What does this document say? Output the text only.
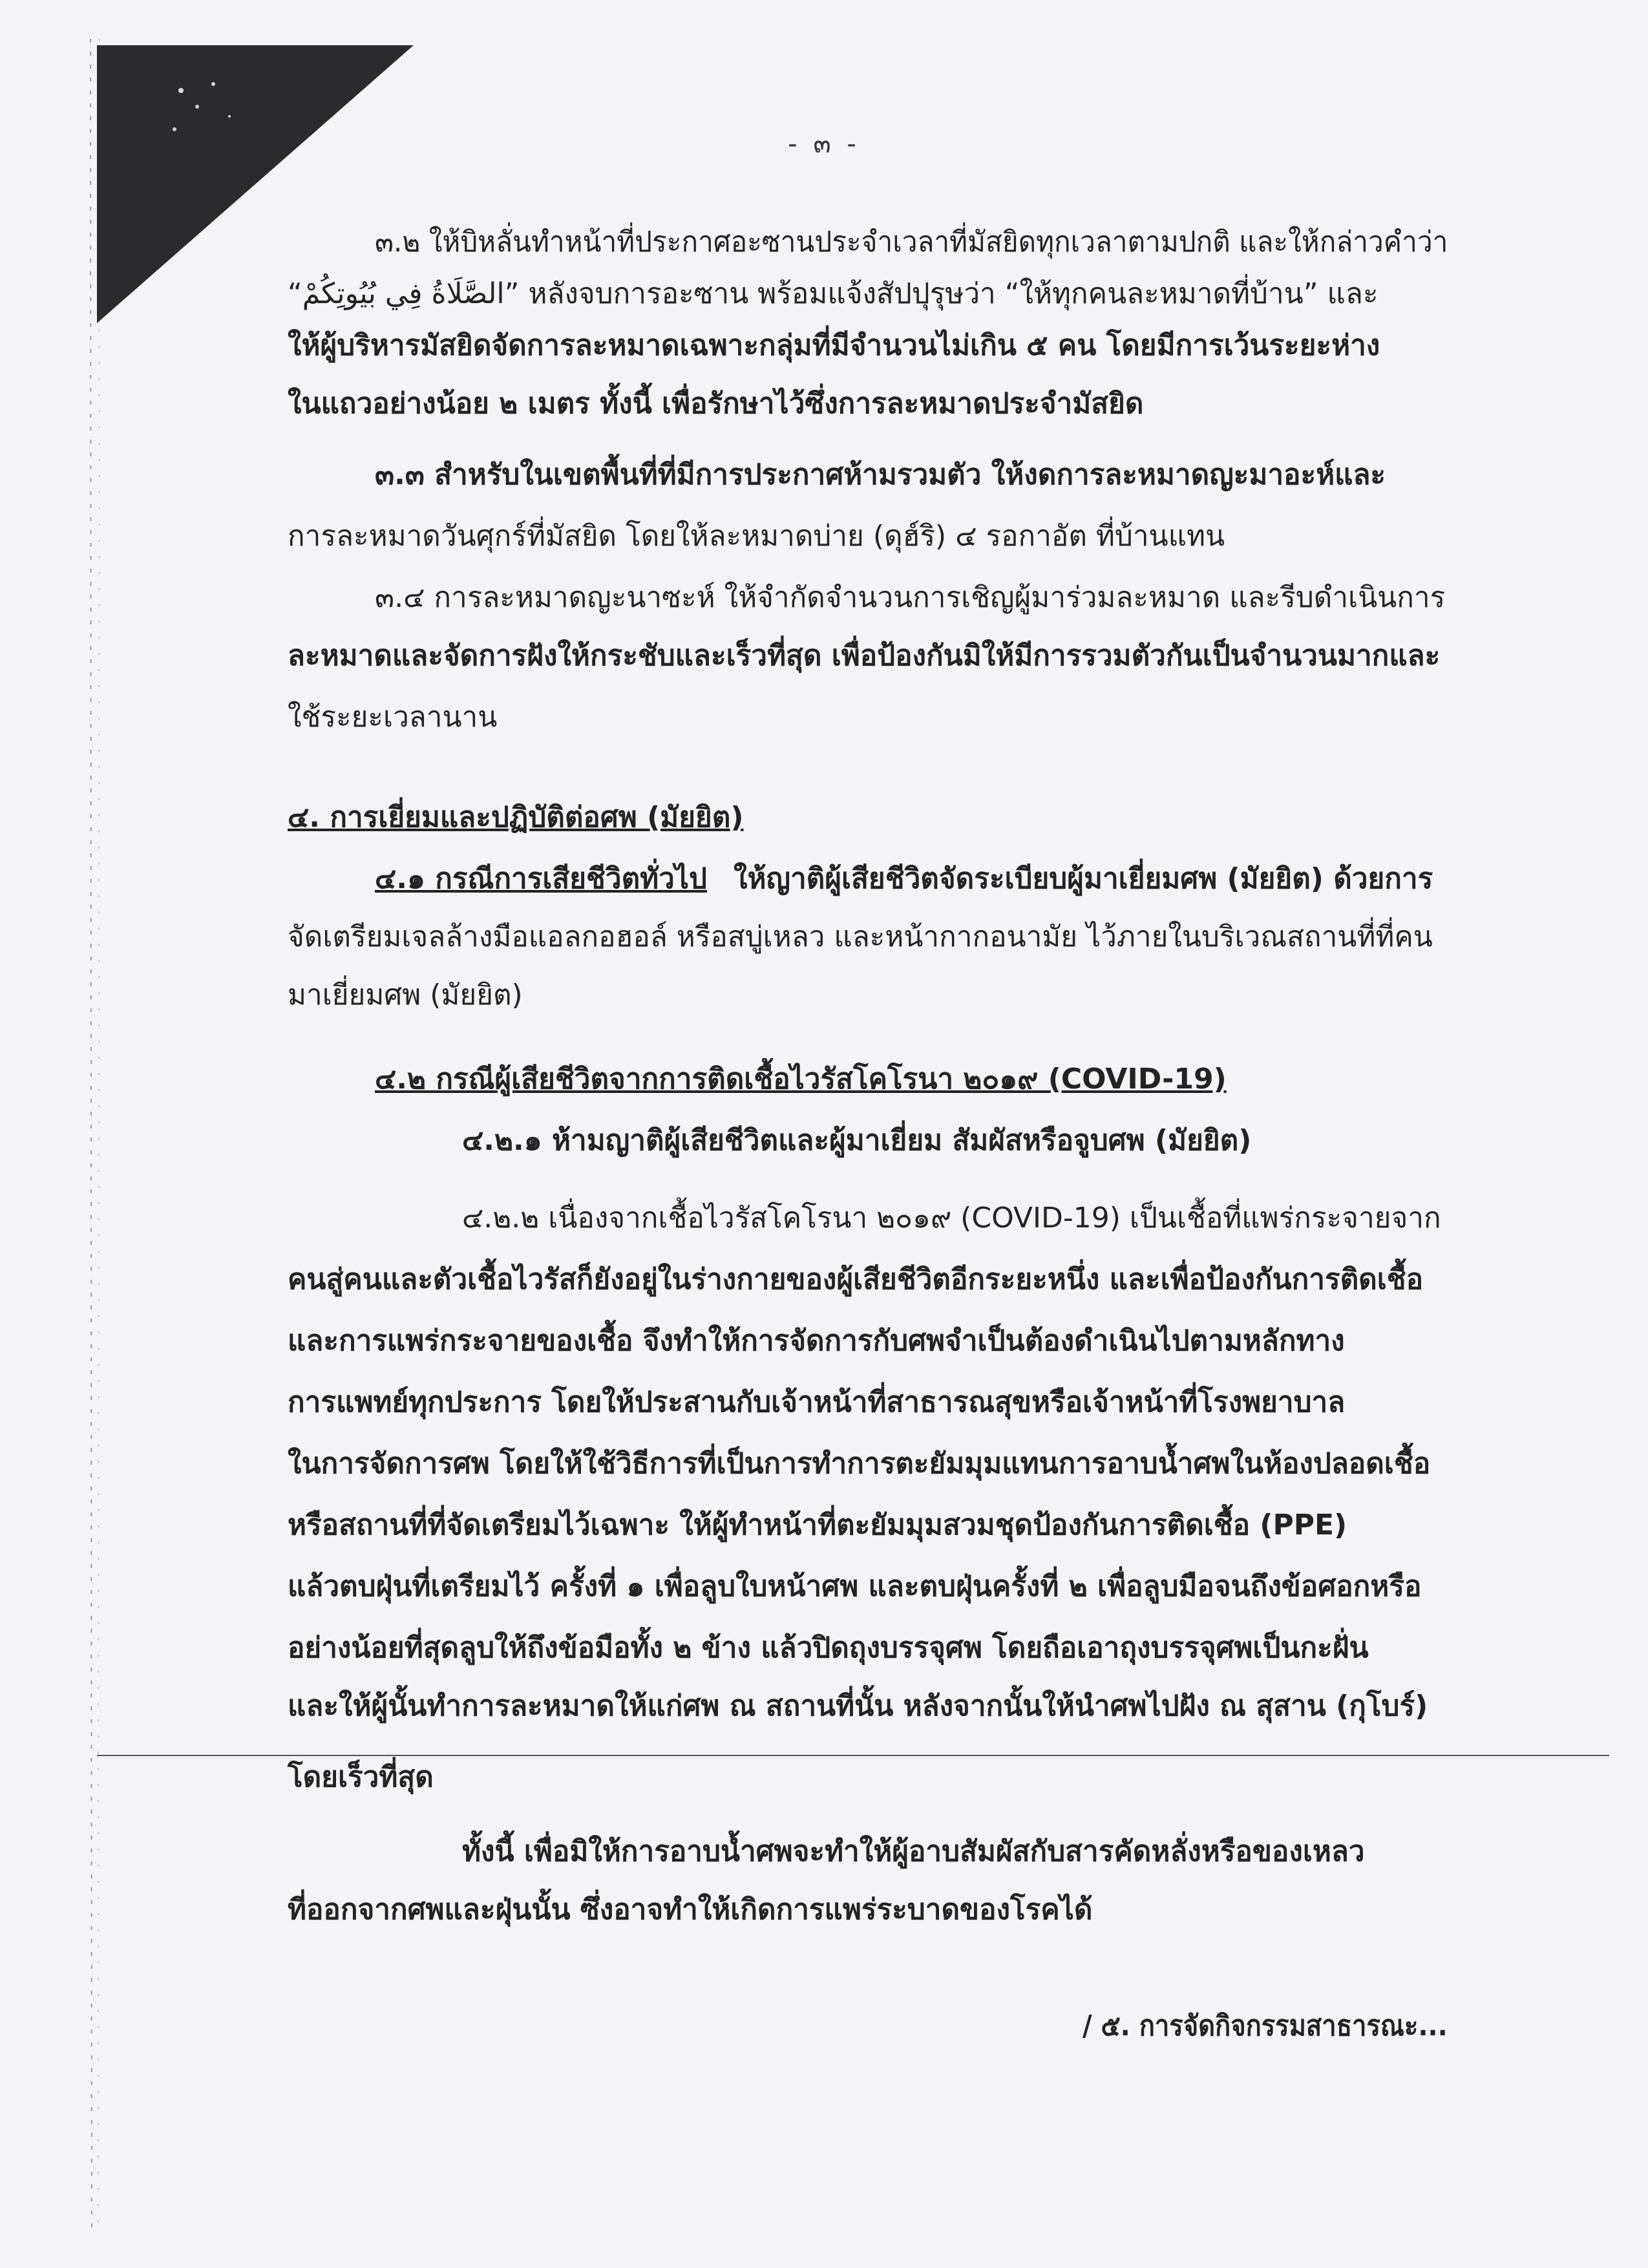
- ๓ -
๓.๒ ให้บิหลั่นทำหน้าที่ประกาศอะซานประจำเวลาที่มัสยิดทุกเวลาตามปกติ และให้กล่าวคำว่า
“الصَّلَاةُ فِي بُيُوتِكُمْ” หลังจบการอะซาน พร้อมแจ้งสัปปุรุษว่า “ให้ทุกคนละหมาดที่บ้าน” และ
ให้ผู้บริหารมัสยิดจัดการละหมาดเฉพาะกลุ่มที่มีจำนวนไม่เกิน ๕ คน โดยมีการเว้นระยะห่าง
ในแถวอย่างน้อย ๒ เมตร ทั้งนี้ เพื่อรักษาไว้ซึ่งการละหมาดประจำมัสยิด
๓.๓ สำหรับในเขตพื้นที่ที่มีการประกาศห้ามรวมตัว ให้งดการละหมาดญะมาอะห์และ
การละหมาดวันศุกร์ที่มัสยิด โดยให้ละหมาดบ่าย (ดุฮ์ริ) ๔ รอกาอัต ที่บ้านแทน
๓.๔ การละหมาดญะนาซะห์ ให้จำกัดจำนวนการเชิญผู้มาร่วมละหมาด และรีบดำเนินการ
ละหมาดและจัดการฝังให้กระชับและเร็วที่สุด เพื่อป้องกันมิให้มีการรวมตัวกันเป็นจำนวนมากและ
ใช้ระยะเวลานาน
๔. การเยี่ยมและปฏิบัติต่อศพ (มัยยิต)
๔.๑ กรณีการเสียชีวิตทั่วไป ให้ญาติผู้เสียชีวิตจัดระเบียบผู้มาเยี่ยมศพ (มัยยิต) ด้วยการ
จัดเตรียมเจลล้างมือแอลกอฮอล์ หรือสบู่เหลว และหน้ากากอนามัย ไว้ภายในบริเวณสถานที่ที่คน
มาเยี่ยมศพ (มัยยิต)
๔.๒ กรณีผู้เสียชีวิตจากการติดเชื้อไวรัสโคโรนา ๒๐๑๙ (COVID-19)
๔.๒.๑ ห้ามญาติผู้เสียชีวิตและผู้มาเยี่ยม สัมผัสหรือจูบศพ (มัยยิต)
๔.๒.๒ เนื่องจากเชื้อไวรัสโคโรนา ๒๐๑๙ (COVID-19) เป็นเชื้อที่แพร่กระจายจาก
คนสู่คนและตัวเชื้อไวรัสก็ยังอยู่ในร่างกายของผู้เสียชีวิตอีกระยะหนึ่ง และเพื่อป้องกันการติดเชื้อ
และการแพร่กระจายของเชื้อ จึงทำให้การจัดการกับศพจำเป็นต้องดำเนินไปตามหลักทาง
การแพทย์ทุกประการ โดยให้ประสานกับเจ้าหน้าที่สาธารณสุขหรือเจ้าหน้าที่โรงพยาบาล
ในการจัดการศพ โดยให้ใช้วิธีการที่เป็นการทำการตะยัมมุมแทนการอาบน้ำศพในห้องปลอดเชื้อ
หรือสถานที่ที่จัดเตรียมไว้เฉพาะ ให้ผู้ทำหน้าที่ตะยัมมุมสวมชุดป้องกันการติดเชื้อ (PPE)
แล้วตบฝุ่นที่เตรียมไว้ ครั้งที่ ๑ เพื่อลูบใบหน้าศพ และตบฝุ่นครั้งที่ ๒ เพื่อลูบมือจนถึงข้อศอกหรือ
อย่างน้อยที่สุดลูบให้ถึงข้อมือทั้ง ๒ ข้าง แล้วปิดถุงบรรจุศพ โดยถือเอาถุงบรรจุศพเป็นกะฝั่น
และให้ผู้นั้นทำการละหมาดให้แก่ศพ ณ สถานที่นั้น หลังจากนั้นให้นำศพไปฝัง ณ สุสาน (กุโบร์)
โดยเร็วที่สุด
ทั้งนี้ เพื่อมิให้การอาบน้ำศพจะทำให้ผู้อาบสัมผัสกับสารคัดหลั่งหรือของเหลว
ที่ออกจากศพและฝุ่นนั้น ซึ่งอาจทำให้เกิดการแพร่ระบาดของโรคได้
/ ๕. การจัดกิจกรรมสาธารณะ...
